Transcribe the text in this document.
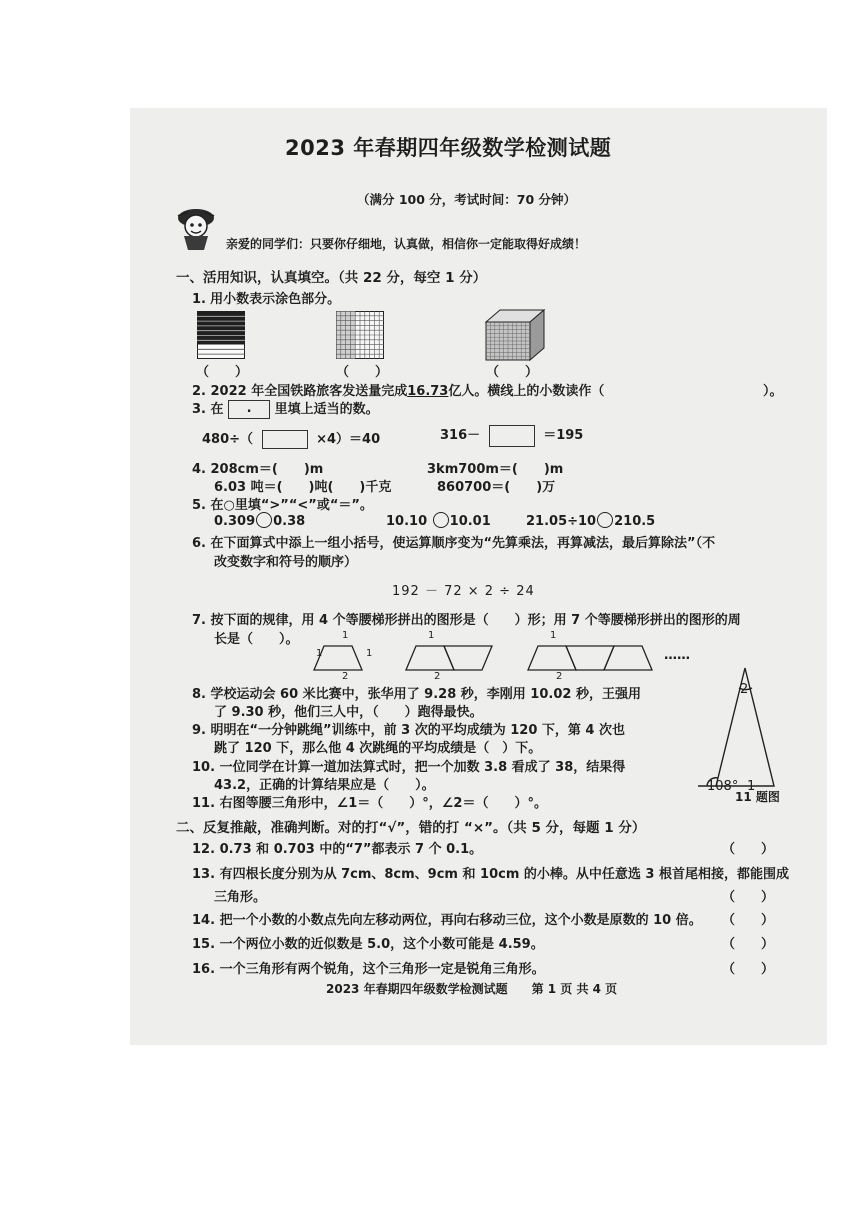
2023 年春期四年级数学检测试题
（满分 100 分，考试时间：70 分钟）
亲爱的同学们：只要你仔细地，认真做，相信你一定能取得好成绩！
一、活用知识，认真填空。（共 22 分，每空 1 分）
1. 用小数表示涂色部分。
（　　）	（　　）	（　　）
2. 2022 年全国铁路旅客发送量完成16.73亿人。横线上的小数读作（	）。
3. 在 . 里填上适当的数。
480÷（	×4）＝40	316－	＝195
4. 208cm＝(　　)m	3km700m＝(　　)m
6.03 吨＝(　　)吨(　　)千克	860700＝(　　)万
5. 在○里填“>”“<”或“＝”。
0.309 0.38	10.10 10.01	21.05÷10 210.5
6. 在下面算式中添上一组小括号，使运算顺序变为“先算乘法，再算减法，最后算除法”（不
改变数字和符号的顺序）
192 － 72 × 2 ÷ 24
7. 按下面的规律，用 4 个等腰梯形拼出的图形是（　　）形；用 7 个等腰梯形拼出的图形的周
长是（　　）。	1
1	1
2
1
2
1
2
……
8. 学校运动会 60 米比赛中，张华用了 9.28 秒，李刚用 10.02 秒，王强用
了 9.30 秒，他们三人中，（　　）跑得最快。
9. 明明在“一分钟跳绳”训练中，前 3 次的平均成绩为 120 下，第 4 次也
跳了 120 下，那么他 4 次跳绳的平均成绩是（　）下。
10. 一位同学在计算一道加法算式时，把一个加数 3.8 看成了 38，结果得
43.2，正确的计算结果应是（　　）。
11. 右图等腰三角形中，∠1＝（　　）°，∠2＝（　　）°。
108° 1
2
11 题图
二、反复推敲，准确判断。对的打“√”，错的打 “×”。（共 5 分，每题 1 分）
12. 0.73 和 0.703 中的“7”都表示 7 个 0.1。	（　　）
13. 有四根长度分别为从 7cm、8cm、9cm 和 10cm 的小棒。从中任意选 3 根首尾相接，都能围成
三角形。	（　　）
14. 把一个小数的小数点先向左移动两位，再向右移动三位，这个小数是原数的 10 倍。 （　　）
15. 一个两位小数的近似数是 5.0，这个小数可能是 4.59。	（　　）
16. 一个三角形有两个锐角，这个三角形一定是锐角三角形。	（　　）
2023 年春期四年级数学检测试题　　第 1 页 共 4 页
